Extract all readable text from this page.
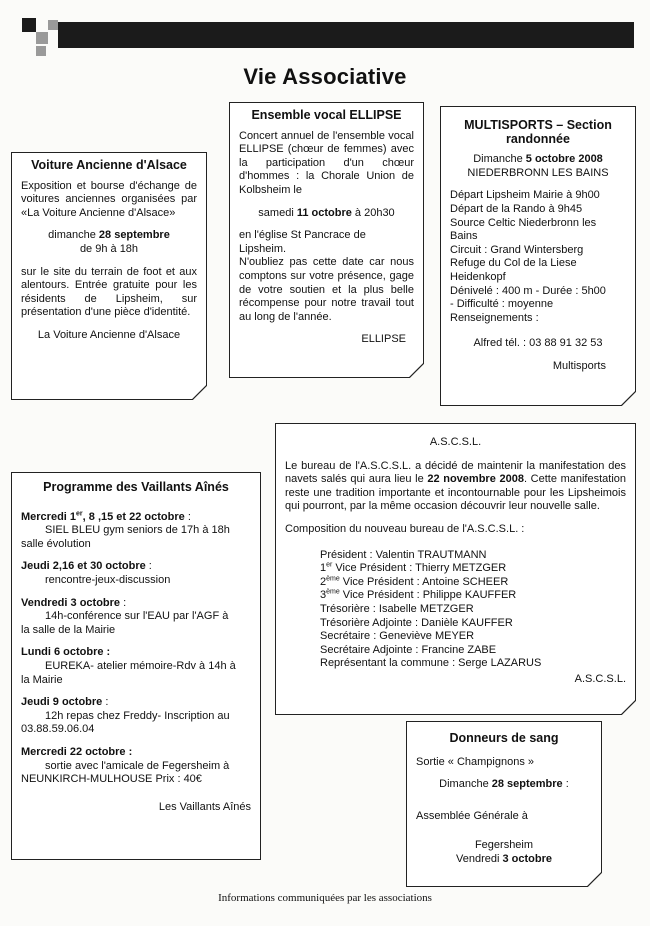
Vie Associative
Ensemble vocal ELLIPSE

Concert annuel de l'ensemble vocal ELLIPSE (chœur de femmes) avec la participation d'un chœur d'hommes : la Chorale Union de Kolbsheim le

samedi 11 octobre à 20h30

en l'église St Pancrace de Lipsheim.

N'oubliez pas cette date car nous comptons sur votre présence, gage de votre soutien et la plus belle récompense pour notre travail tout au long de l'année.

ELLIPSE
Voiture Ancienne d'Alsace

Exposition et bourse d'échange de voitures anciennes organisées par «La Voiture Ancienne d'Alsace»

dimanche 28 septembre

de 9h à 18h

sur le site du terrain de foot et aux alentours. Entrée gratuite pour les résidents de Lipsheim, sur présentation d'une pièce d'identité.

La Voiture Ancienne d'Alsace
MULTISPORTS – Section randonnée
Dimanche 5 octobre 2008

NIEDERBRONN LES BAINS

Départ Lipsheim Mairie à 9h00
Départ de la Rando à 9h45
Source Celtic Niederbronn les Bains
Circuit : Grand Wintersberg
Refuge du Col de la Liese Heidenkopf
Dénivelé : 400 m - Durée : 5h00
- Difficulté : moyenne
Renseignements :

Alfred tél. : 03 88 91 32 53

Multisports
A.S.C.S.L.

Le bureau de l'A.S.C.S.L. a décidé de maintenir la manifestation des navets salés qui aura lieu le 22 novembre 2008. Cette manifestation reste une tradition importante et incontournable pour les Lipsheimois qui pourront, par la même occasion découvrir leur nouvelle salle.

Composition du nouveau bureau de l'A.S.C.S.L. :

Président : Valentin TRAUTMANN
1er Vice Président : Thierry METZGER
2ème Vice Président : Antoine SCHEER
3ème Vice Président : Philippe KAUFFER
Trésorière : Isabelle METZGER
Trésorière Adjointe : Danièle KAUFFER
Secrétaire : Geneviève MEYER
Secrétaire Adjointe : Francine ZABE
Représentant la commune : Serge LAZARUS
A.S.C.S.L.
Programme des Vaillants Aînés

Mercredi 1er, 8 ,15 et 22 octobre :
SIEL BLEU gym seniors de 17h à 18h
salle évolution

Jeudi 2,16 et 30 octobre :
rencontre-jeux-discussion

Vendredi 3 octobre :
14h-conférence sur l'EAU par l'AGF à
la salle de la Mairie

Lundi 6 octobre :
EUREKA- atelier mémoire-Rdv à 14h à
la Mairie

Jeudi 9 octobre :
12h repas chez Freddy- Inscription au
03.88.59.06.04

Mercredi 22 octobre :
sortie avec l'amicale de Fegersheim à
NEUNKIRCH-MULHOUSE Prix : 40€

Les Vaillants Aînés
Donneurs de sang

Sortie « Champignons »

Dimanche 28 septembre :

Assemblée Générale à

Fegersheim
Vendredi 3 octobre
Informations communiquées par les associations
